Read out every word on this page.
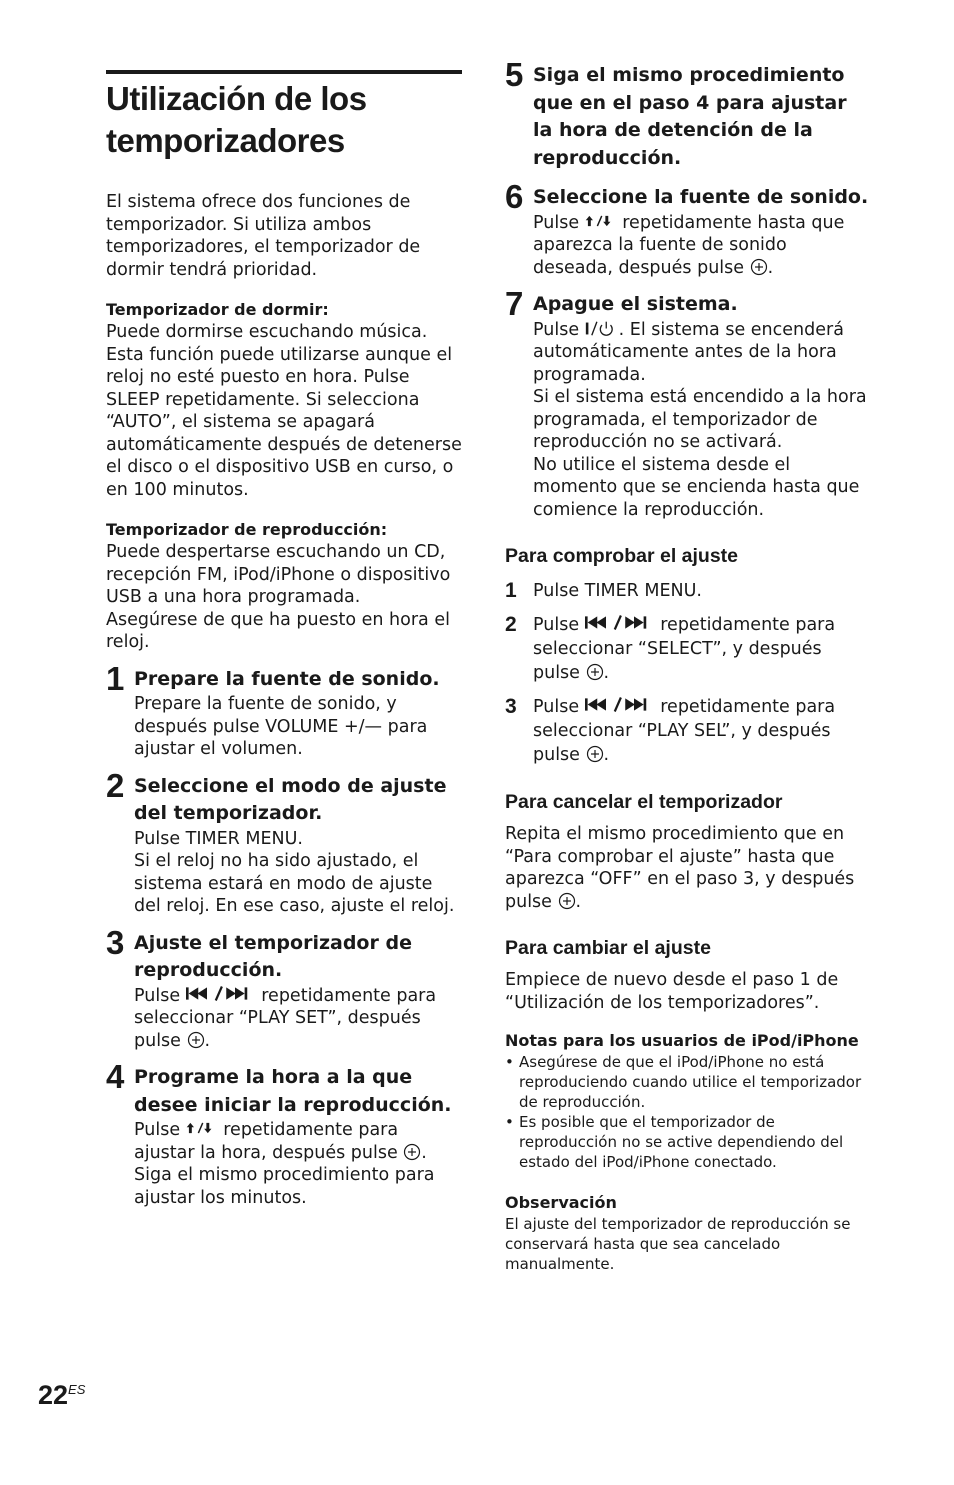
Utilización de los
temporizadores

El sistema ofrece dos funciones de temporizador. Si utiliza ambos temporizadores, el temporizador de dormir tendrá prioridad.

Temporizador de dormir:

Puede dormirse escuchando música. Esta función puede utilizarse aunque el reloj no esté puesto en hora. Pulse SLEEP repetidamente. Si selecciona “AUTO”, el sistema se apagará automáticamente después de detenerse el disco o el dispositivo USB en curso, o en 100 minutos.

Temporizador de reproducción:

Puede despertarse escuchando un CD, recepción FM, iPod/iPhone o dispositivo USB a una hora programada.

Asegúrese de que ha puesto en hora el reloj.

1 Prepare la fuente de sonido.

Prepare la fuente de sonido, y después pulse VOLUME +/— para ajustar el volumen.

2 Seleccione el modo de ajuste del temporizador.

Pulse TIMER MENU.

Si el reloj no ha sido ajustado, el sistema estará en modo de ajuste del reloj. En ese caso, ajuste el reloj.

3 Ajuste el temporizador de reproducción.

Pulse	repetidamente para seleccionar “PLAY SET”, después pulse .

4 Programe la hora a la que desee iniciar la reproducción.

Pulse repetidamente para ajustar la hora, después pulse .

Siga el mismo procedimiento para ajustar los minutos.

5 Siga el mismo procedimiento que en el paso 4 para ajustar la hora de detención de la reproducción.

6 Seleccione la fuente de sonido.

Pulse repetidamente hasta que aparezca la fuente de sonido deseada, después pulse .

7 Apague el sistema.

Pulse . El sistema se encenderá automáticamente antes de la hora programada.

Si el sistema está encendido a la hora programada, el temporizador de reproducción no se activará.

No utilice el sistema desde el momento que se encienda hasta que comience la reproducción.

Para comprobar el ajuste

1 Pulse TIMER MENU.
2 Pulse	repetidamente para seleccionar “SELECT”, y después pulse .
3 Pulse	repetidamente para seleccionar “PLAY SEL”, y después pulse .

Para cancelar el temporizador

Repita el mismo procedimiento que en “Para comprobar el ajuste” hasta que aparezca “OFF” en el paso 3, y después pulse .

Para cambiar el ajuste

Empiece de nuevo desde el paso 1 de “Utilización de los temporizadores”.

Notas para los usuarios de iPod/iPhone

• Asegúrese de que el iPod/iPhone no está reproduciendo cuando utilice el temporizador de reproducción.
• Es posible que el temporizador de reproducción no se active dependiendo del estado del iPod/iPhone conectado.

Observación

El ajuste del temporizador de reproducción se conservará hasta que sea cancelado manualmente.

$22^{ES}$
